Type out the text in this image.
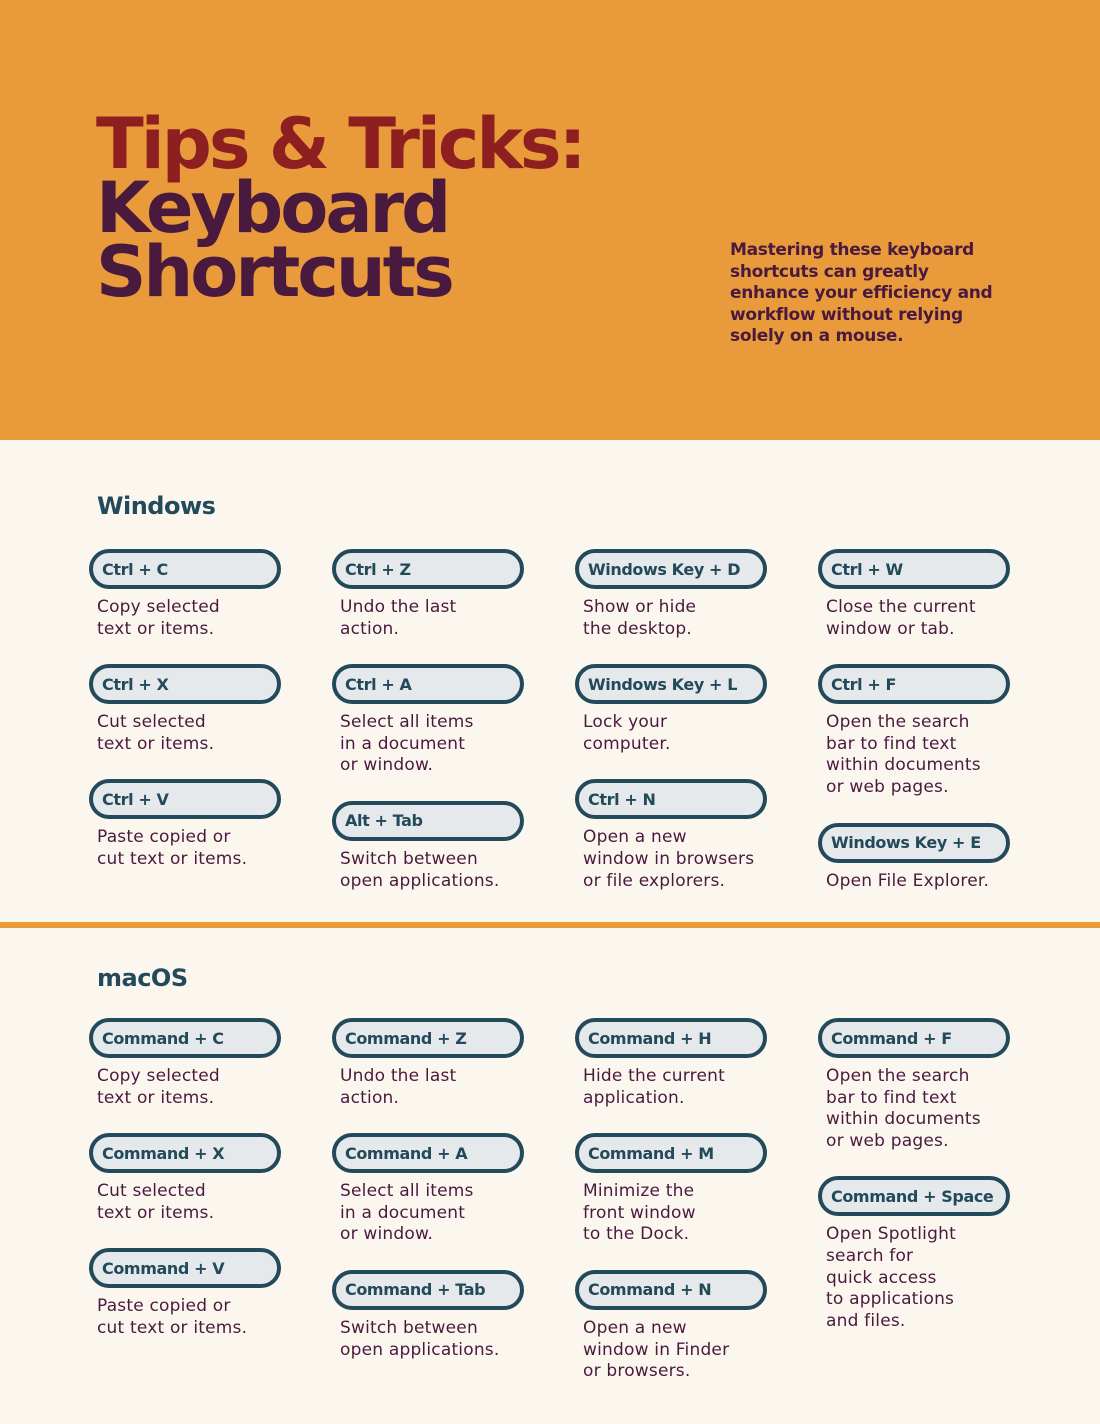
Tips & Tricks:
Keyboard
Shortcuts	Mastering these keyboard shortcuts can greatly enhance your efficiency and workflow without relying solely on a mouse.

Windows
Ctrl + C
Copy selected
text or items.
Ctrl + X
Cut selected
text or items.
Ctrl + V
Paste copied or
cut text or items.
Ctrl + Z
Undo the last
action.
Ctrl + A
Select all items
in a document
or window.
Alt + Tab
Switch between
open applications.
Windows Key + D
Show or hide
the desktop.
Windows Key + L
Lock your
computer.
Ctrl + N
Open a new
window in browsers
or file explorers.
Ctrl + W
Close the current
window or tab.
Ctrl + F
Open the search
bar to find text
within documents
or web pages.
Windows Key + E
Open File Explorer.
macOS
Command + C
Copy selected
text or items.
Command + X
Cut selected
text or items.
Command + V
Paste copied or
cut text or items.
Command + Z
Undo the last
action.
Command + A
Select all items
in a document
or window.
Command + Tab
Switch between
open applications.
Command + H
Hide the current
application.
Command + M
Minimize the
front window
to the Dock.
Command + N
Open a new
window in Finder
or browsers.
Command + F
Open the search
bar to find text
within documents
or web pages.
Command + Space
Open Spotlight
search for
quick access
to applications
and files.
